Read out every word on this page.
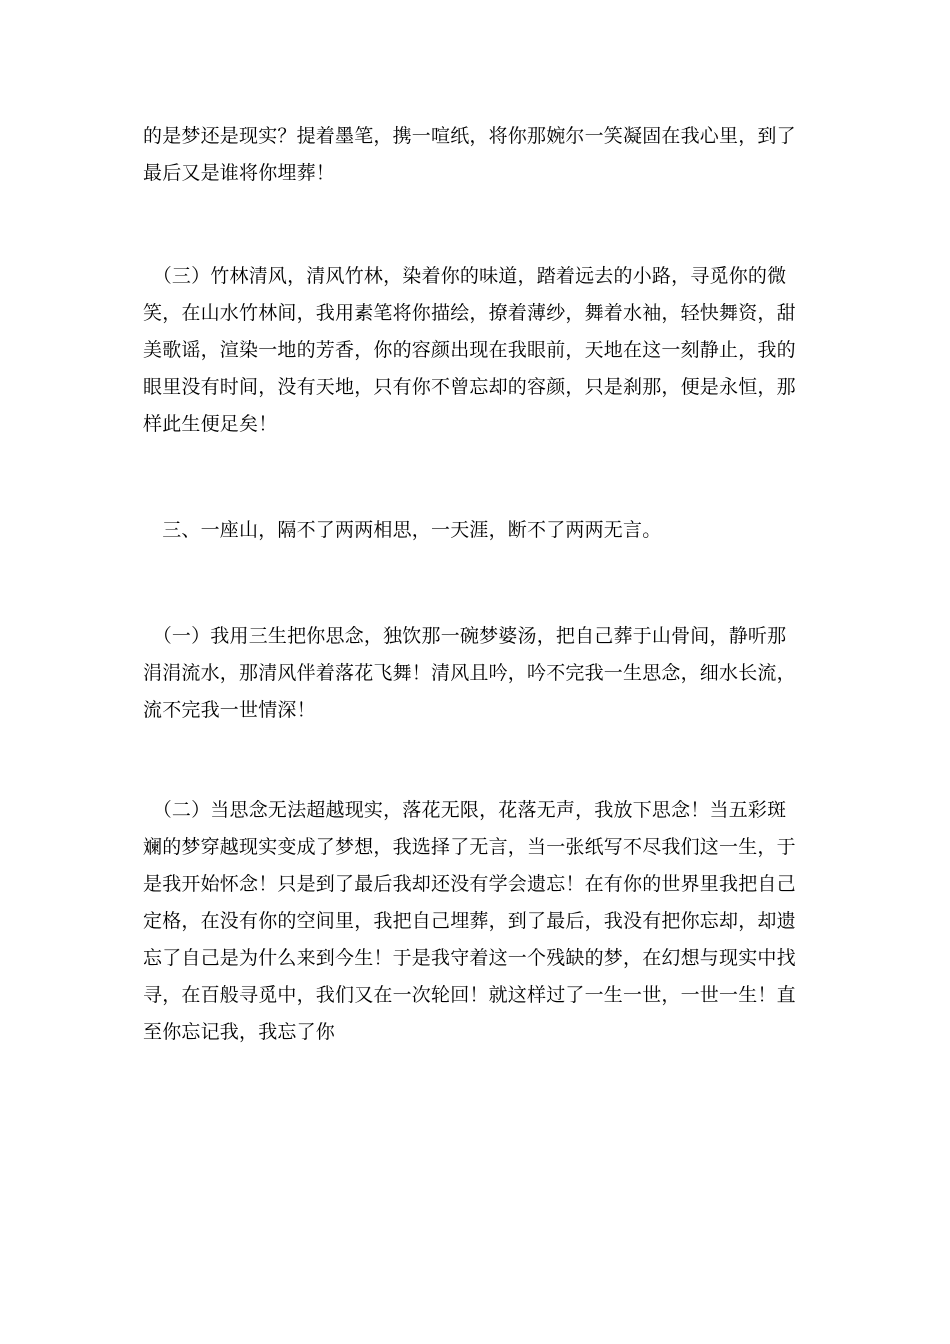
的是梦还是现实？提着墨笔，携一喧纸，将你那婉尔一笑凝固在我心里，到了
最后又是谁将你埋葬！

　（三）竹林清风，清风竹林，染着你的味道，踏着远去的小路，寻觅你的微
笑，在山水竹林间，我用素笔将你描绘，撩着薄纱，舞着水袖，轻快舞资，甜
美歌谣，渲染一地的芳香，你的容颜出现在我眼前，天地在这一刻静止，我的
眼里没有时间，没有天地，只有你不曾忘却的容颜，只是刹那，便是永恒，那
样此生便足矣！

　三、一座山，隔不了两两相思，一天涯，断不了两两无言。

　（一）我用三生把你思念，独饮那一碗梦婆汤，把自己葬于山骨间，静听那
涓涓流水，那清风伴着落花飞舞！清风且吟，吟不完我一生思念，细水长流，
流不完我一世情深！

　（二）当思念无法超越现实，落花无限，花落无声，我放下思念！当五彩斑
斓的梦穿越现实变成了梦想，我选择了无言，当一张纸写不尽我们这一生，于
是我开始怀念！只是到了最后我却还没有学会遗忘！在有你的世界里我把自己
定格，在没有你的空间里，我把自己埋葬，到了最后，我没有把你忘却，却遗
忘了自己是为什么来到今生！于是我守着这一个残缺的梦，在幻想与现实中找
寻，在百般寻觅中，我们又在一次轮回！就这样过了一生一世，一世一生！直
至你忘记我，我忘了你
